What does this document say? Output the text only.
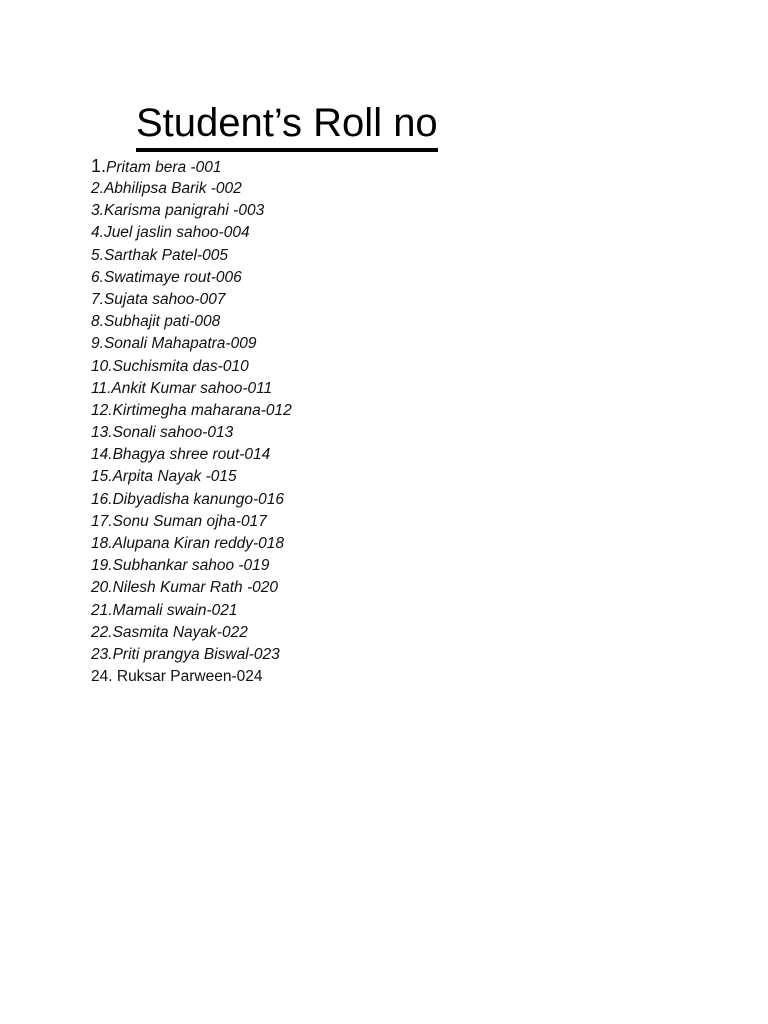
Student’s Roll no
1.Pritam bera -001
2.Abhilipsa Barik -002
3.Karisma panigrahi -003
4.Juel jaslin sahoo-004
5.Sarthak Patel-005
6.Swatimaye rout-006
7.Sujata sahoo-007
8.Subhajit pati-008
9.Sonali Mahapatra-009
10.Suchismita das-010
11.Ankit Kumar sahoo-011
12.Kirtimegha maharana-012
13.Sonali sahoo-013
14.Bhagya shree rout-014
15.Arpita Nayak -015
16.Dibyadisha kanungo-016
17.Sonu Suman ojha-017
18.Alupana Kiran reddy-018
19.Subhankar sahoo -019
20.Nilesh Kumar Rath -020
21.Mamali swain-021
22.Sasmita Nayak-022
23.Priti prangya Biswal-023
24. Ruksar Parween-024
